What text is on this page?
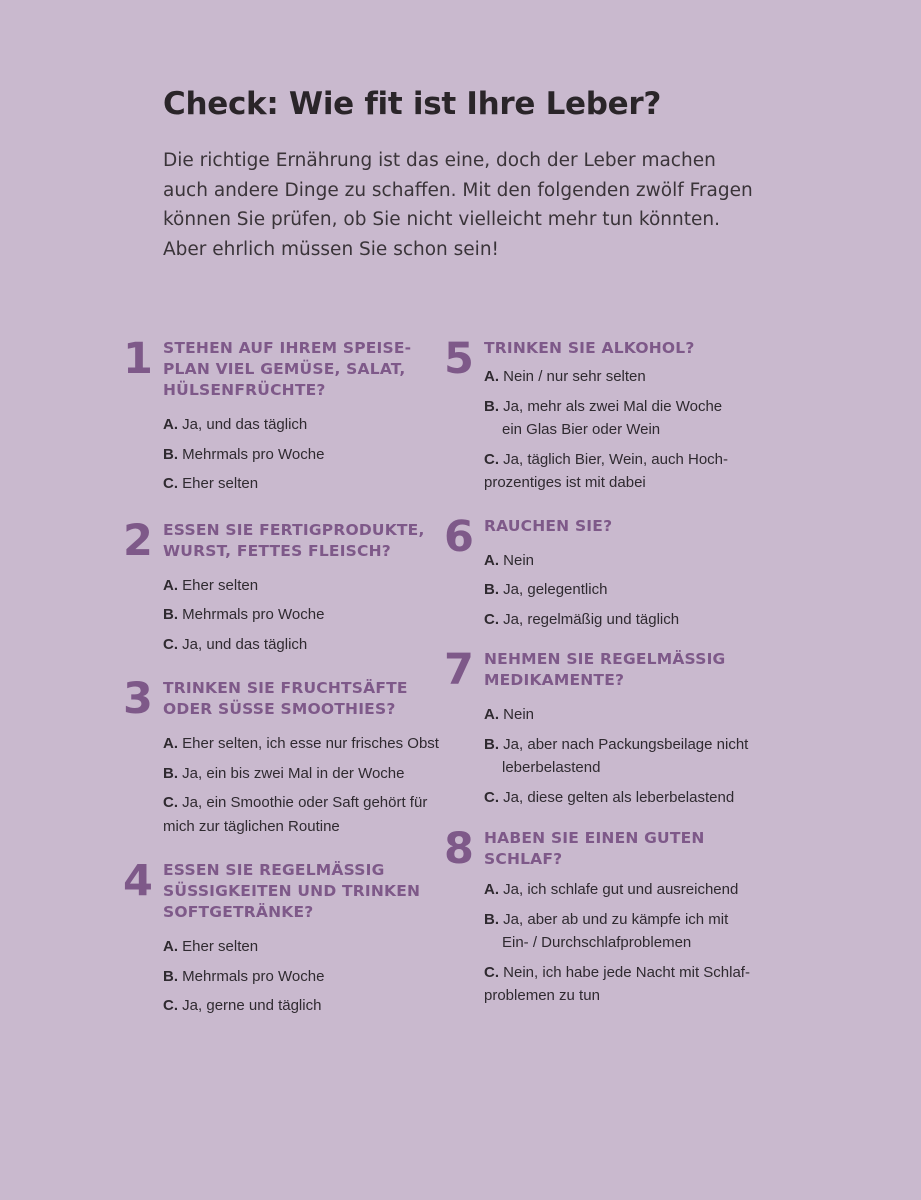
Check: Wie fit ist Ihre Leber?

Die richtige Ernährung ist das eine, doch der Leber machen
auch andere Dinge zu schaffen. Mit den folgenden zwölf Fragen
können Sie prüfen, ob Sie nicht vielleicht mehr tun könnten.
Aber ehrlich müssen Sie schon sein!

1 STEHEN AUF IHREM SPEISE-
PLAN VIEL GEMÜSE, SALAT,
HÜLSENFRÜCHTE?
A. Ja, und das täglich
B. Mehrmals pro Woche
C. Eher selten
2 ESSEN SIE FERTIGPRODUKTE,
WURST, FETTES FLEISCH?
A. Eher selten
B. Mehrmals pro Woche
C. Ja, und das täglich
3 TRINKEN SIE FRUCHTSÄFTE
ODER SÜSSE SMOOTHIES?
A. Eher selten, ich esse nur frisches Obst
B. Ja, ein bis zwei Mal in der Woche
C. Ja, ein Smoothie oder Saft gehört für
mich zur täglichen Routine
4 ESSEN SIE REGELMÄSSIG
SÜSSIGKEITEN UND TRINKEN
SOFTGETRÄNKE?
A. Eher selten
B. Mehrmals pro Woche
C. Ja, gerne und täglich
5 TRINKEN SIE ALKOHOL?
A. Nein / nur sehr selten
B. Ja, mehr als zwei Mal die Woche
ein Glas Bier oder Wein
C. Ja, täglich Bier, Wein, auch Hoch-
prozentiges ist mit dabei
6 RAUCHEN SIE?
A. Nein
B. Ja, gelegentlich
C. Ja, regelmäßig und täglich
7 NEHMEN SIE REGELMÄSSIG
MEDIKAMENTE?
A. Nein
B. Ja, aber nach Packungsbeilage nicht
leberbelastend
C. Ja, diese gelten als leberbelastend
8 HABEN SIE EINEN GUTEN
SCHLAF?
A. Ja, ich schlafe gut und ausreichend
B. Ja, aber ab und zu kämpfe ich mit
Ein- / Durchschlafproblemen
C. Nein, ich habe jede Nacht mit Schlaf-
problemen zu tun
